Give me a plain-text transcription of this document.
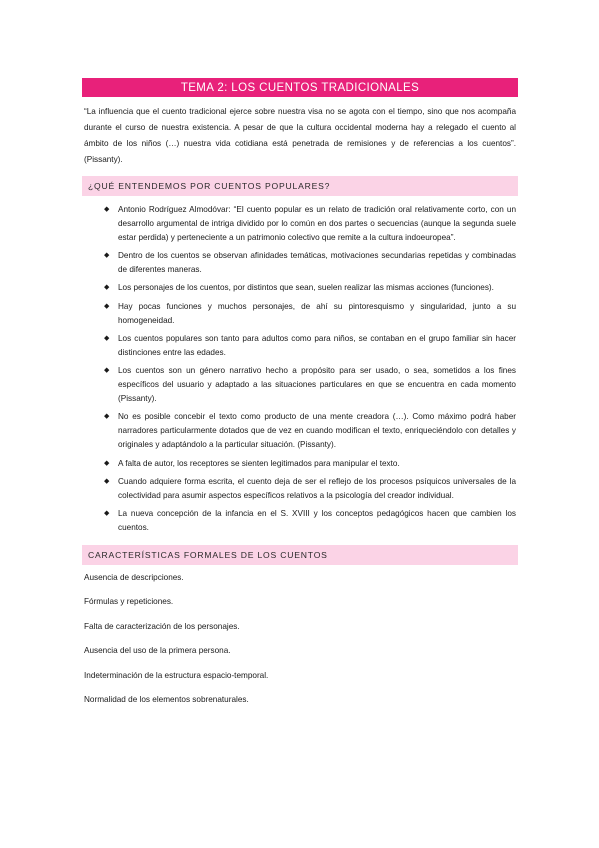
TEMA 2: LOS CUENTOS TRADICIONALES

“La influencia que el cuento tradicional ejerce sobre nuestra visa no se agota con el tiempo, sino que nos acompaña durante el curso de nuestra existencia. A pesar de que la cultura occidental moderna hay a relegado el cuento al ámbito de los niños (…) nuestra vida cotidiana está penetrada de remisiones y de referencias a los cuentos”. (Pissanty).

¿QUÉ ENTENDEMOS POR CUENTOS POPULARES?
◆ Antonio Rodríguez Almodóvar: “El cuento popular es un relato de tradición oral relativamente corto, con un desarrollo argumental de intriga dividido por lo común en dos partes o secuencias (aunque la segunda suele estar perdida) y perteneciente a un patrimonio colectivo que remite a la cultura indoeuropea”.
◆ Dentro de los cuentos se observan afinidades temáticas, motivaciones secundarias repetidas y combinadas de diferentes maneras.
◆ Los personajes de los cuentos, por distintos que sean, suelen realizar las mismas acciones (funciones).
◆ Hay pocas funciones y muchos personajes, de ahí su pintoresquismo y singularidad, junto a su homogeneidad.
◆ Los cuentos populares son tanto para adultos como para niños, se contaban en el grupo familiar sin hacer distinciones entre las edades.
◆ Los cuentos son un género narrativo hecho a propósito para ser usado, o sea, sometidos a los fines específicos del usuario y adaptado a las situaciones particulares en que se encuentra en cada momento (Pissanty).
◆ No es posible concebir el texto como producto de una mente creadora (…). Como máximo podrá haber narradores particularmente dotados que de vez en cuando modifican el texto, enriqueciéndolo con detalles y originales y adaptándolo a la particular situación. (Pissanty).
◆ A falta de autor, los receptores se sienten legitimados para manipular el texto.
◆ Cuando adquiere forma escrita, el cuento deja de ser el reflejo de los procesos psíquicos universales de la colectividad para asumir aspectos específicos relativos a la psicología del creador individual.
◆ La nueva concepción de la infancia en el S. XVIII y los conceptos pedagógicos hacen que cambien los cuentos.
CARACTERÍSTICAS FORMALES DE LOS CUENTOS

Ausencia de descripciones.

Fórmulas y repeticiones.

Falta de caracterización de los personajes.

Ausencia del uso de la primera persona.

Indeterminación de la estructura espacio-temporal.

Normalidad de los elementos sobrenaturales.
